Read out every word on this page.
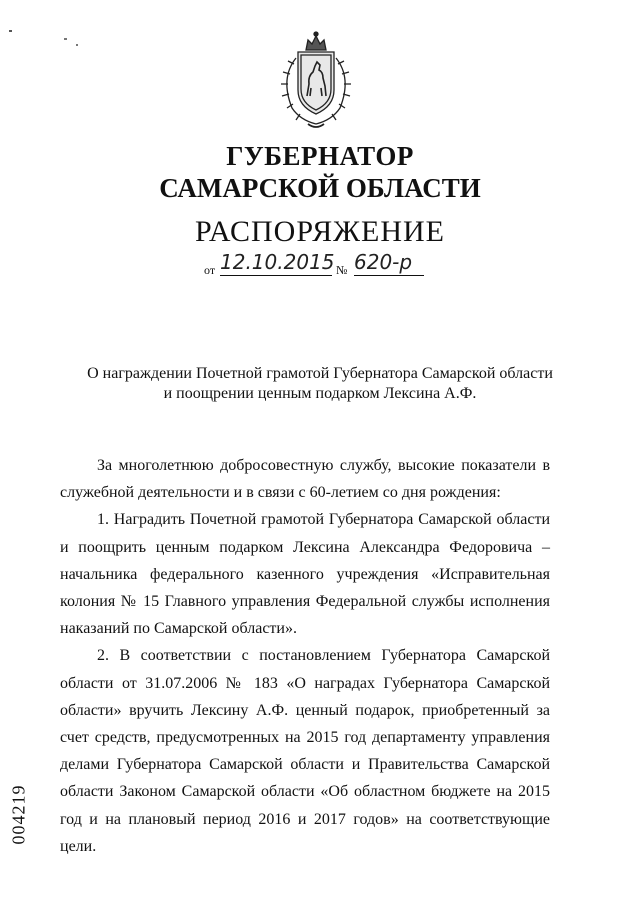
ГУБЕРНАТОР
САМАРСКОЙ ОБЛАСТИ
РАСПОРЯЖЕНИЕ
от 12.10.2015 № 620-р
О награждении Почетной грамотой Губернатора Самарской области
и поощрении ценным подарком Лексина А.Ф.

За многолетнюю добросовестную службу, высокие показатели в служебной деятельности и в связи с 60-летием со дня рождения:

1. Наградить Почетной грамотой Губернатора Самарской области и поощрить ценным подарком Лексина Александра Федоровича – начальника федерального казенного учреждения «Исправительная колония № 15 Главного управления Федеральной службы исполнения наказаний по Самарской области».

2. В соответствии с постановлением Губернатора Самарской области от 31.07.2006 № 183 «О наградах Губернатора Самарской области» вручить Лексину А.Ф. ценный подарок, приобретенный за счет средств, предусмотренных на 2015 год департаменту управления делами Губернатора Самарской области и Правительства Самарской области Законом Самарской области «Об областном бюджете на 2015 год и на плановый период 2016 и 2017 годов» на соответствующие цели.

004219
